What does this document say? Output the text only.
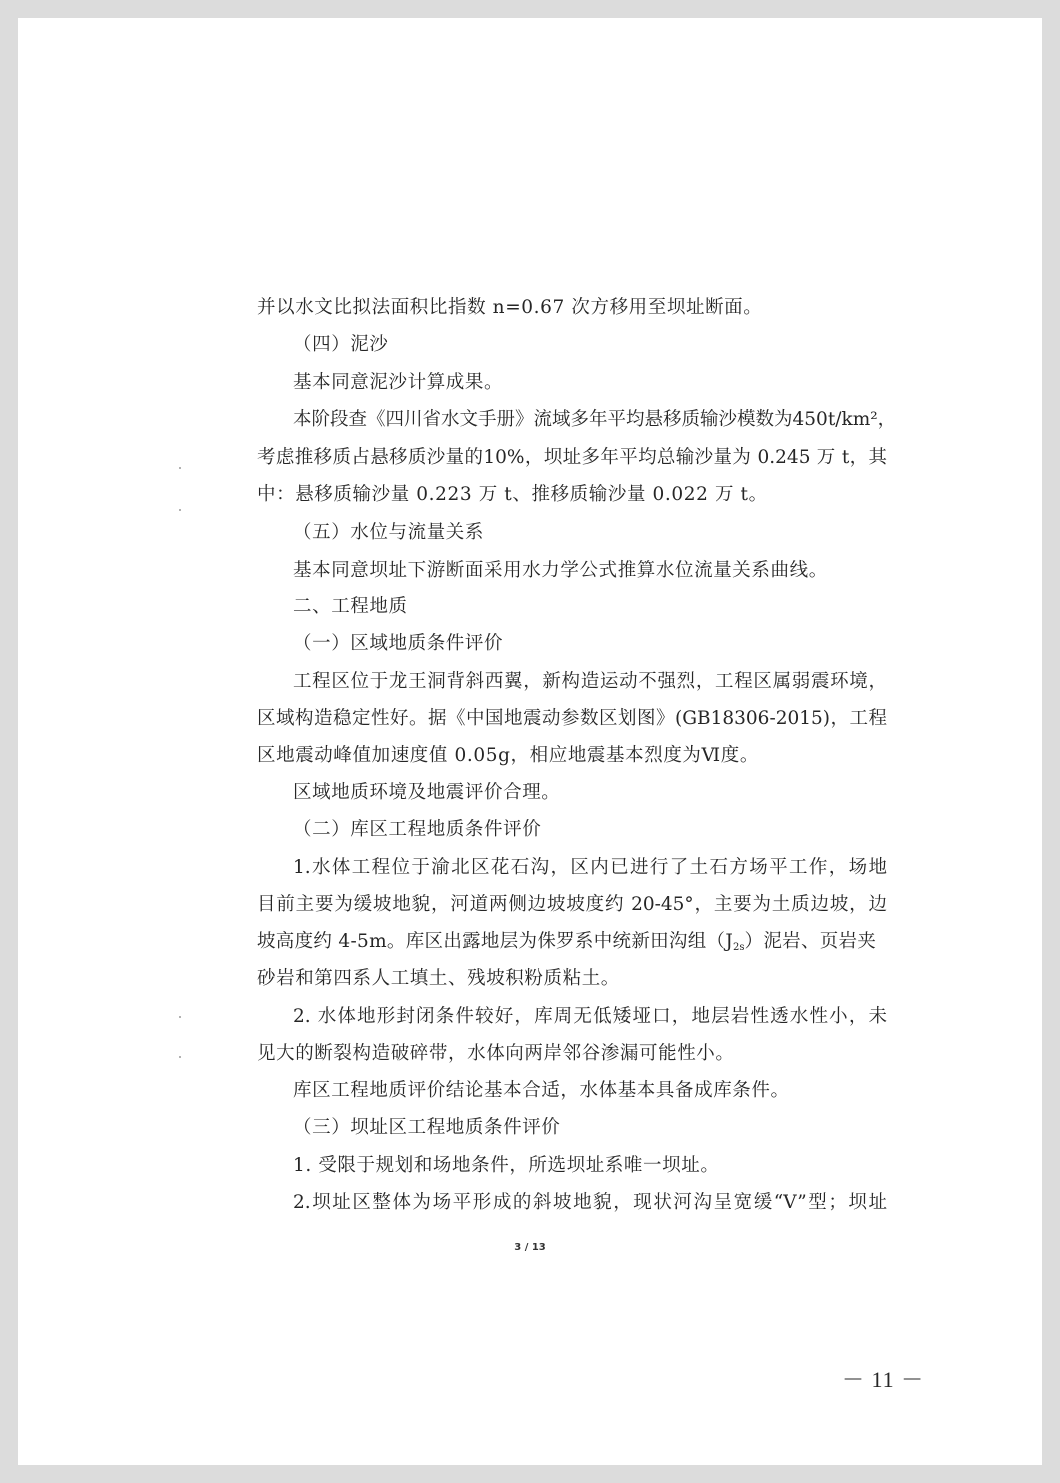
并以水文比拟法面积比指数 n=0.67 次方移用至坝址断面。
（四）泥沙
基本同意泥沙计算成果。
本阶段查《四川省水文手册》流域多年平均悬移质输沙模数为450t/km²，
考虑推移质占悬移质沙量的10%，坝址多年平均总输沙量为 0.245 万 t，其
中：悬移质输沙量 0.223 万 t、推移质输沙量 0.022 万 t。
（五）水位与流量关系
基本同意坝址下游断面采用水力学公式推算水位流量关系曲线。
二、工程地质
（一）区域地质条件评价
工程区位于龙王洞背斜西翼，新构造运动不强烈，工程区属弱震环境，
区域构造稳定性好。据《中国地震动参数区划图》(GB18306-2015)，工程
区地震动峰值加速度值 0.05g，相应地震基本烈度为Ⅵ度。
区域地质环境及地震评价合理。
（二）库区工程地质条件评价
1.水体工程位于渝北区花石沟，区内已进行了土石方场平工作，场地
目前主要为缓坡地貌，河道两侧边坡坡度约 20-45°，主要为土质边坡，边
坡高度约 4-5m。库区出露地层为侏罗系中统新田沟组$(J_{2s})$泥岩、页岩夹
砂岩和第四系人工填土、残坡积粉质粘土。
2. 水体地形封闭条件较好，库周无低矮垭口，地层岩性透水性小，未
见大的断裂构造破碎带，水体向两岸邻谷渗漏可能性小。
库区工程地质评价结论基本合适，水体基本具备成库条件。
（三）坝址区工程地质条件评价
1. 受限于规划和场地条件，所选坝址系唯一坝址。
2.坝址区整体为场平形成的斜坡地貌，现状河沟呈宽缓“V”型；坝址
3 / 13
－ 11 －
